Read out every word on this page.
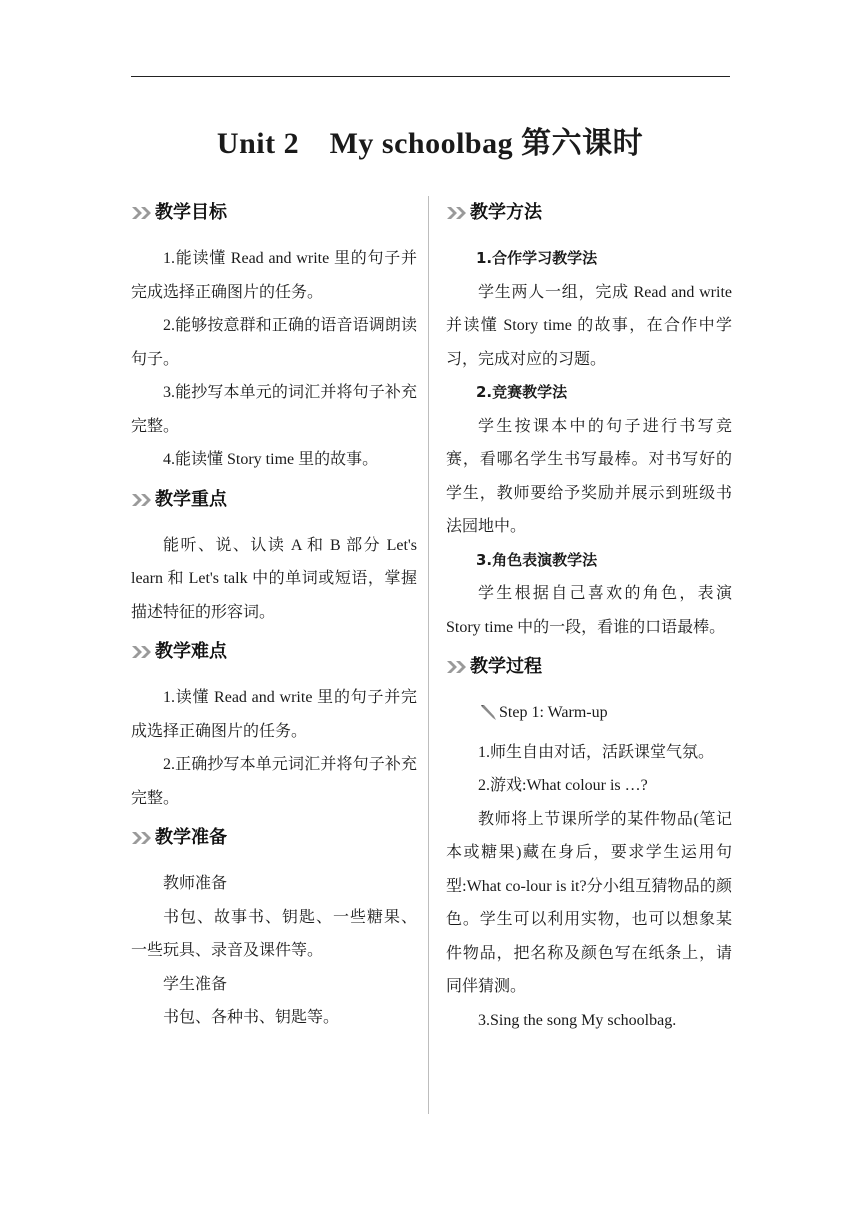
Unit 2　My schoolbag 第六课时
教学目标

1.能读懂 Read and write 里的句子并完成选择正确图片的任务。

2.能够按意群和正确的语音语调朗读句子。

3.能抄写本单元的词汇并将句子补充完整。

4.能读懂 Story time 里的故事。

教学重点

能听、说、认读 A 和 B 部分 Let's learn 和 Let's talk 中的单词或短语，掌握描述特征的形容词。

教学难点

1.读懂 Read and write 里的句子并完成选择正确图片的任务。

2.正确抄写本单元词汇并将句子补充完整。

教学准备

教师准备

书包、故事书、钥匙、一些糖果、一些玩具、录音及课件等。

学生准备

书包、各种书、钥匙等。

教学方法

1.合作学习教学法

学生两人一组，完成 Read and write 并读懂 Story time 的故事，在合作中学习，完成对应的习题。

2.竞赛教学法

学生按课本中的句子进行书写竞赛，看哪名学生书写最棒。对书写好的学生，教师要给予奖励并展示到班级书法园地中。

3.角色表演教学法

学生根据自己喜欢的角色，表演 Story time 中的一段，看谁的口语最棒。

教学过程
Step 1: Warm-up

1.师生自由对话，活跃课堂气氛。

2.游戏:What colour is …?

教师将上节课所学的某件物品(笔记本或糖果)藏在身后，要求学生运用句型:What co-lour is it?分小组互猜物品的颜色。学生可以利用实物，也可以想象某件物品，把名称及颜色写在纸条上，请同伴猜测。

3.Sing the song My schoolbag.
